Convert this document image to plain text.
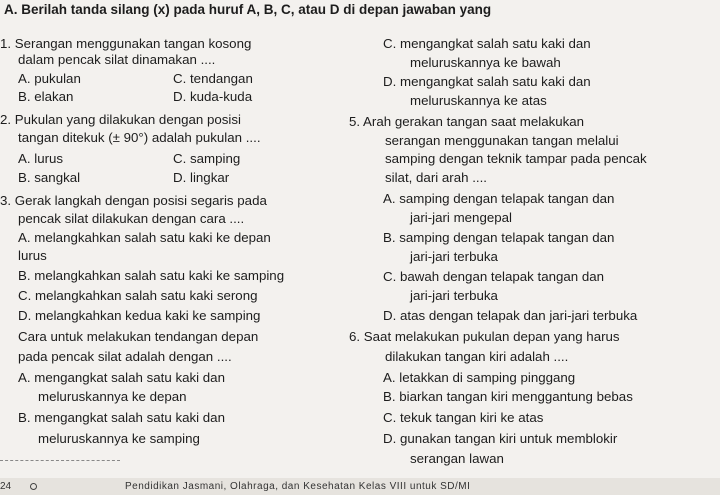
A. Berilah tanda silang (x) pada huruf A, B, C, atau D di depan jawaban yang
1. Serangan menggunakan tangan kosong
dalam pencak silat dinamakan ....
A. pukulan	C. tendangan
B. elakan	D. kuda-kuda
2. Pukulan yang dilakukan dengan posisi
tangan ditekuk (± 90°) adalah pukulan ....
A. lurus	C. samping
B. sangkal	D. lingkar
3. Gerak langkah dengan posisi segaris pada
pencak silat dilakukan dengan cara ....
A. melangkahkan salah satu kaki ke depan
lurus
B. melangkahkan salah satu kaki ke samping
C. melangkahkan salah satu kaki serong
D. melangkahkan kedua kaki ke samping
Cara untuk melakukan tendangan depan
pada pencak silat adalah dengan ....
A. mengangkat salah satu kaki dan
meluruskannya ke depan
B. mengangkat salah satu kaki dan
meluruskannya ke samping
C. mengangkat salah satu kaki dan
meluruskannya ke bawah
D. mengangkat salah satu kaki dan
meluruskannya ke atas
5. Arah gerakan tangan saat melakukan
serangan menggunakan tangan melalui
samping dengan teknik tampar pada pencak
silat, dari arah ....
A. samping dengan telapak tangan dan
jari-jari mengepal
B. samping dengan telapak tangan dan
jari-jari terbuka
C. bawah dengan telapak tangan dan
jari-jari terbuka
D. atas dengan telapak dan jari-jari terbuka
6. Saat melakukan pukulan depan yang harus
dilakukan tangan kiri adalah ....
A. letakkan di samping pinggang
B. biarkan tangan kiri menggantung bebas
C. tekuk tangan kiri ke atas
D. gunakan tangan kiri untuk memblokir
serangan lawan
24	Pendidikan Jasmani, Olahraga, dan Kesehatan Kelas VIII untuk SD/MI
